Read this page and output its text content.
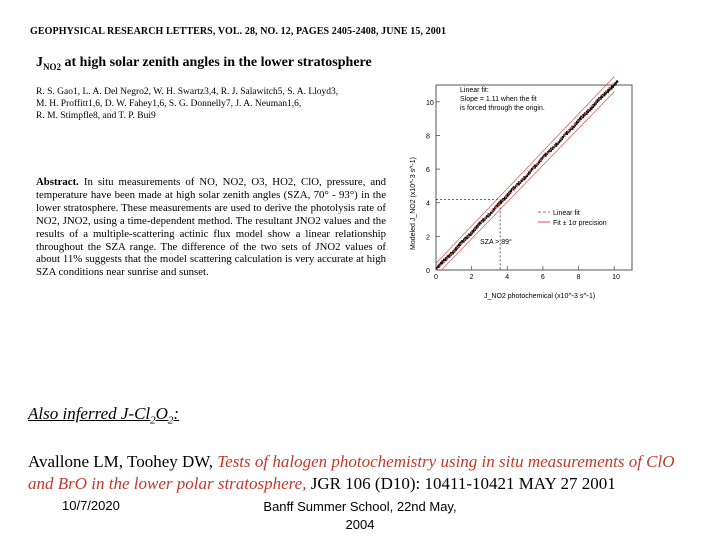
GEOPHYSICAL RESEARCH LETTERS, VOL. 28, NO. 12, PAGES 2405-2408, JUNE 15, 2001
$J_{NO2}$ at high solar zenith angles in the lower stratosphere
R. S. Gao1, L. A. Del Negro2, W. H. Swartz3,4, R. J. Salawitch5, S. A. Lloyd3,
M. H. Proffitt1,6, D. W. Fahey1,6, S. G. Donnelly7, J. A. Neuman1,6,
R. M. Stimpfle8, and T. P. Bui9
Abstract. In situ measurements of NO, NO2, O3, HO2, ClO, pressure, and temperature have been made at high solar zenith angles (SZA, 70° - 93°) in the lower stratosphere. These measurements are used to derive the photolysis rate of NO2, JNO2, using a time-dependent method. The resultant JNO2 values and the results of a multiple-scattering actinic flux model show a linear relationship throughout the SZA range. The difference of the two sets of JNO2 values of about 11% suggests that the model scattering calculation is very accurate at high SZA conditions near sunrise and sunset.	0	2	4	6	8	10
0
2
4
6
8
10
Modeled J_NO2 (x10^-3 s^-1)
J_NO2 photochemical (x10^-3 s^-1)
Linear fit:
Slope = 1.11 when the fit
is forced through the origin.
SZA > 89°
Linear fit
Fit ± 1σ precision
Also inferred $J-Cl_2O_2$:
Avallone LM, Toohey DW, Tests of halogen photochemistry using in situ measurements of ClO and BrO in the lower polar stratosphere, JGR 106 (D10): 10411-10421 MAY 27 2001
10/7/2020	Banff Summer School, 22nd May, 2004
